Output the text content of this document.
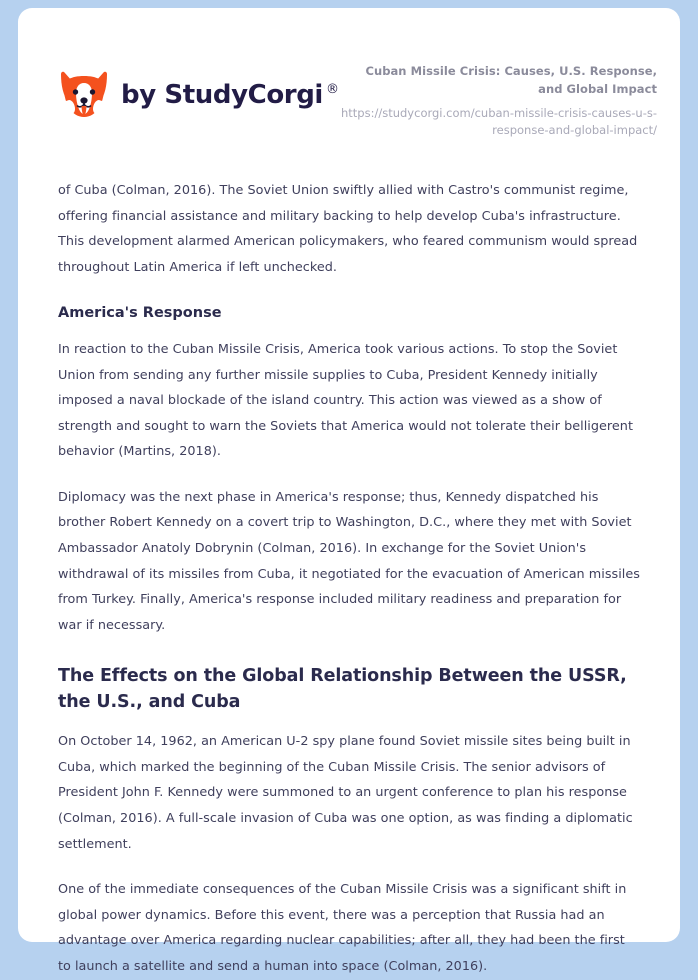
by StudyCorgi ®
Cuban Missile Crisis: Causes, U.S. Response, and Global Impact
https://studycorgi.com/cuban-missile-crisis-causes-u-s-response-and-global-impact/

of Cuba (Colman, 2016). The Soviet Union swiftly allied with Castro's communist regime, offering financial assistance and military backing to help develop Cuba's infrastructure. This development alarmed American policymakers, who feared communism would spread throughout Latin America if left unchecked.

America's Response

In reaction to the Cuban Missile Crisis, America took various actions. To stop the Soviet Union from sending any further missile supplies to Cuba, President Kennedy initially imposed a naval blockade of the island country. This action was viewed as a show of strength and sought to warn the Soviets that America would not tolerate their belligerent behavior (Martins, 2018).

Diplomacy was the next phase in America's response; thus, Kennedy dispatched his brother Robert Kennedy on a covert trip to Washington, D.C., where they met with Soviet Ambassador Anatoly Dobrynin (Colman, 2016). In exchange for the Soviet Union's withdrawal of its missiles from Cuba, it negotiated for the evacuation of American missiles from Turkey. Finally, America's response included military readiness and preparation for war if necessary.

The Effects on the Global Relationship Between the USSR, the U.S., and Cuba

On October 14, 1962, an American U-2 spy plane found Soviet missile sites being built in Cuba, which marked the beginning of the Cuban Missile Crisis. The senior advisors of President John F. Kennedy were summoned to an urgent conference to plan his response (Colman, 2016). A full-scale invasion of Cuba was one option, as was finding a diplomatic settlement.

One of the immediate consequences of the Cuban Missile Crisis was a significant shift in global power dynamics. Before this event, there was a perception that Russia had an advantage over America regarding nuclear capabilities; after all, they had been the first to launch a satellite and send a human into space (Colman, 2016).
